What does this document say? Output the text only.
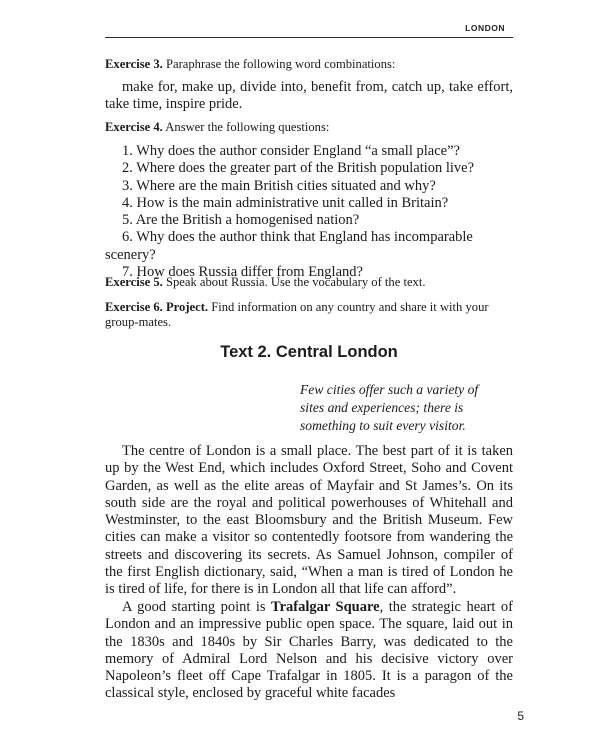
LONDON

Exercise 3. Paraphrase the following word combinations:

make for, make up, divide into, benefit from, catch up, take effort, take time, inspire pride.

Exercise 4. Answer the following questions:

1. Why does the author consider England “a small place”?

2. Where does the greater part of the British population live?

3. Where are the main British cities situated and why?

4. How is the main administrative unit called in Britain?

5. Are the British a homogenised nation?

6. Why does the author think that England has incomparable scenery?

7. How does Russia differ from England?

Exercise 5. Speak about Russia. Use the vocabulary of the text.

Exercise 6. Project. Find information on any country and share it with your group-mates.

Text 2. Central London
Few cities offer such a variety of sites and experiences; there is something to suit every visitor.

The centre of London is a small place. The best part of it is taken up by the West End, which includes Oxford Street, Soho and Covent Garden, as well as the elite areas of Mayfair and St James’s. On its south side are the royal and political powerhouses of Whitehall and Westminster, to the east Bloomsbury and the British Museum. Few cities can make a visitor so contentedly footsore from wandering the streets and discovering its secrets. As Samuel Johnson, compiler of the first English dictionary, said, “When a man is tired of London he is tired of life, for there is in London all that life can afford”.

A good starting point is Trafalgar Square, the strategic heart of London and an impressive public open space. The square, laid out in the 1830s and 1840s by Sir Charles Barry, was dedicated to the memory of Admiral Lord Nelson and his decisive victory over Napoleon’s fleet off Cape Trafalgar in 1805. It is a paragon of the classical style, enclosed by graceful white facades

5
